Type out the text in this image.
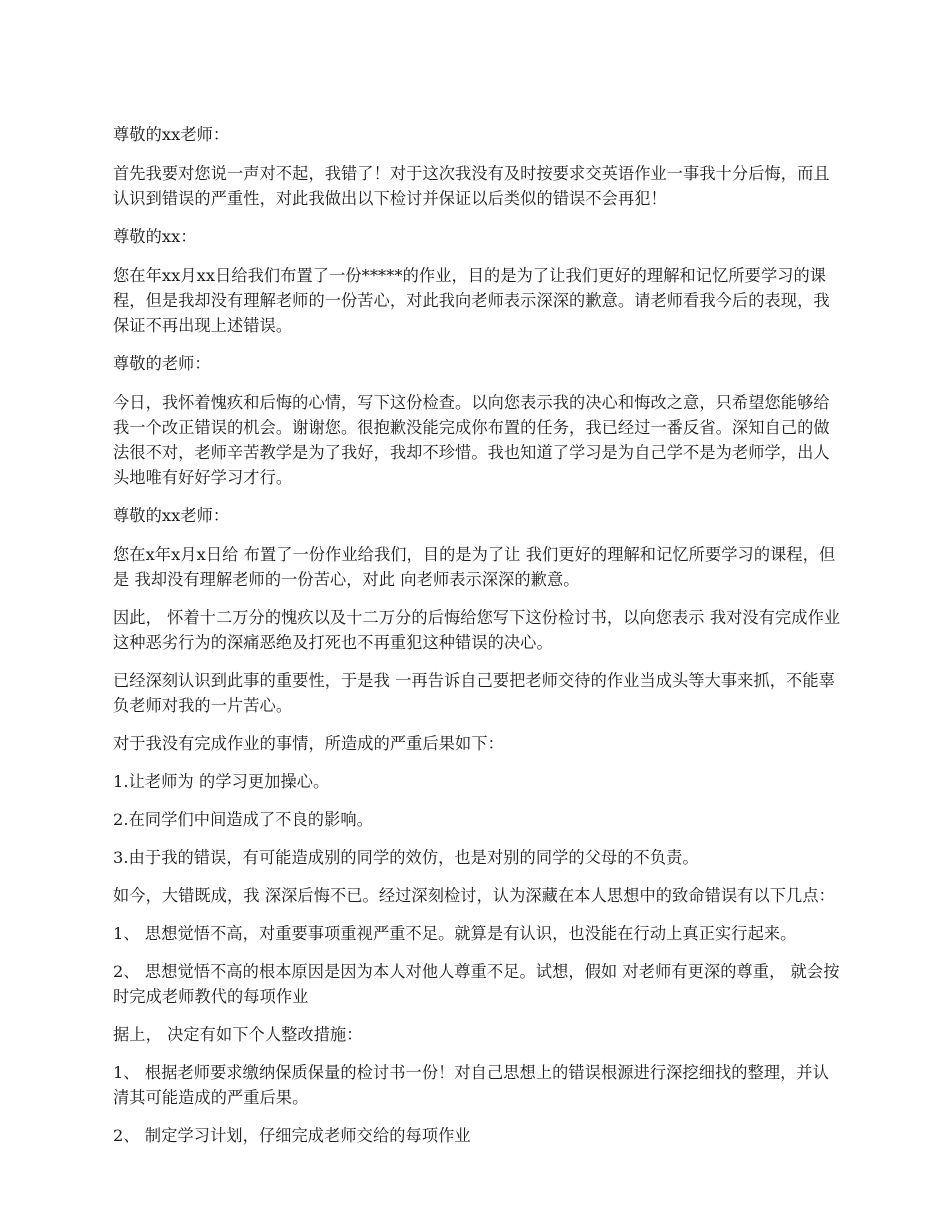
尊敬的xx老师：

首先我要对您说一声对不起，我错了！对于这次我没有及时按要求交英语作业一事我十分后悔，而且认识到错误的严重性，对此我做出以下检讨并保证以后类似的错误不会再犯！

尊敬的xx：

您在年xx月xx日给我们布置了一份*****的作业，目的是为了让我们更好的理解和记忆所要学习的课程，但是我却没有理解老师的一份苦心，对此我向老师表示深深的歉意。请老师看我今后的表现，我保证不再出现上述错误。

尊敬的老师：

今日，我怀着愧疚和后悔的心情，写下这份检查。以向您表示我的决心和悔改之意，只希望您能够给我一个改正错误的机会。谢谢您。很抱歉没能完成你布置的任务，我已经过一番反省。深知自己的做法很不对，老师辛苦教学是为了我好，我却不珍惜。我也知道了学习是为自己学不是为老师学，出人头地唯有好好学习才行。

尊敬的xx老师：

您在x年x月x日给 布置了一份作业给我们，目的是为了让 我们更好的理解和记忆所要学习的课程，但是 我却没有理解老师的一份苦心，对此 向老师表示深深的歉意。

因此， 怀着十二万分的愧疚以及十二万分的后悔给您写下这份检讨书，以向您表示 我对没有完成作业这种恶劣行为的深痛恶绝及打死也不再重犯这种错误的决心。

已经深刻认识到此事的重要性，于是我 一再告诉自己要把老师交待的作业当成头等大事来抓，不能辜负老师对我的一片苦心。

对于我没有完成作业的事情，所造成的严重后果如下：

1.让老师为 的学习更加操心。

2.在同学们中间造成了不良的影响。

3.由于我的错误，有可能造成别的同学的效仿，也是对别的同学的父母的不负责。

如今，大错既成，我 深深后悔不已。经过深刻检讨，认为深藏在本人思想中的致命错误有以下几点：

1、 思想觉悟不高，对重要事项重视严重不足。就算是有认识，也没能在行动上真正实行起来。

2、 思想觉悟不高的根本原因是因为本人对他人尊重不足。试想，假如 对老师有更深的尊重， 就会按时完成老师教代的每项作业

据上， 决定有如下个人整改措施：

1、 根据老师要求缴纳保质保量的检讨书一份！对自己思想上的错误根源进行深挖细找的整理，并认清其可能造成的严重后果。

2、 制定学习计划，仔细完成老师交给的每项作业
